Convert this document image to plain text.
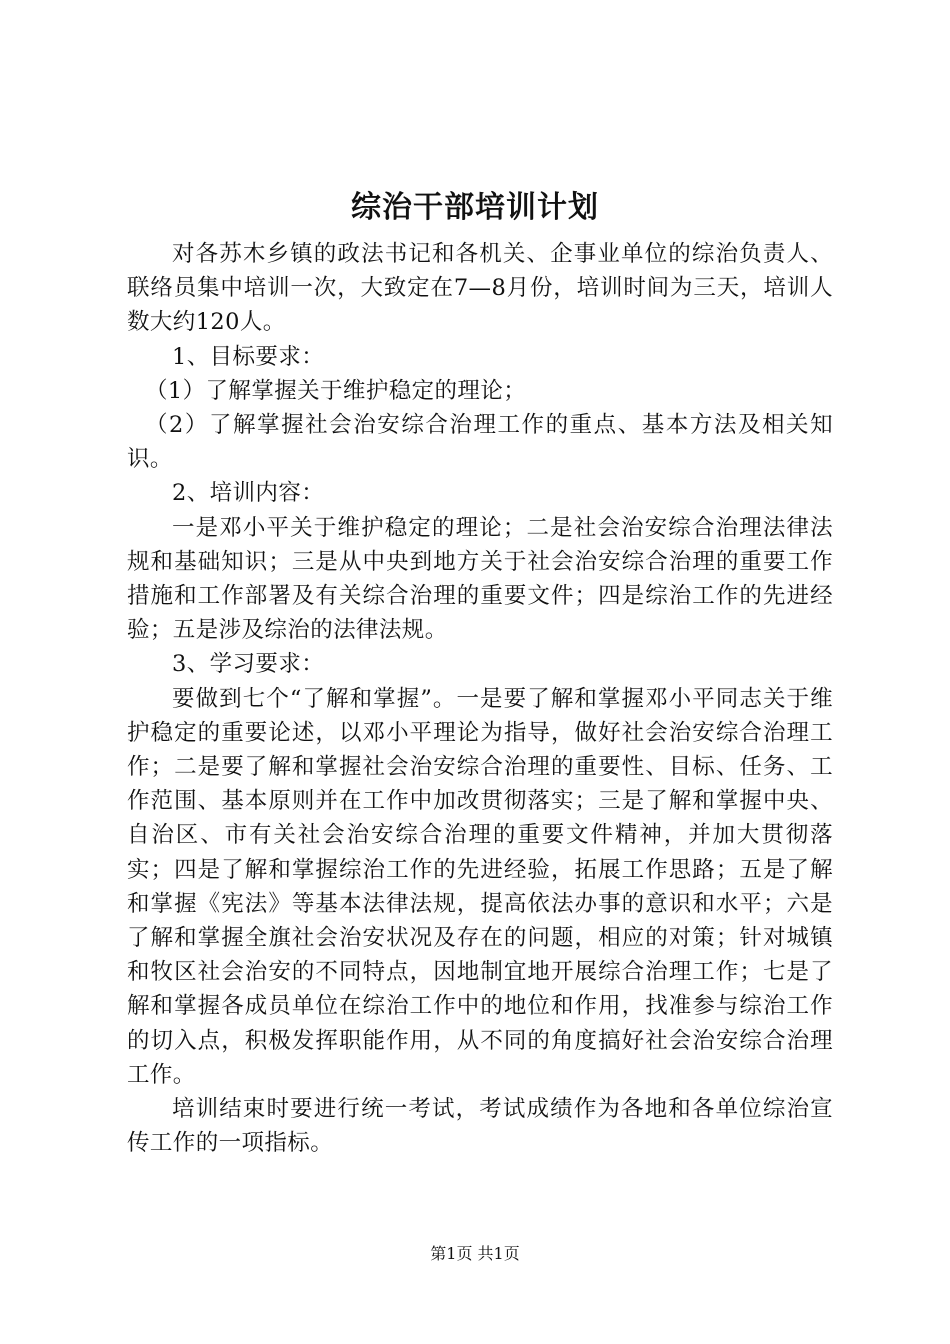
综治干部培训计划

对各苏木乡镇的政法书记和各机关、企事业单位的综治负责人、联络员集中培训一次，大致定在7—8月份，培训时间为三天，培训人数大约120人。

1、目标要求：

（1）了解掌握关于维护稳定的理论；

（2）了解掌握社会治安综合治理工作的重点、基本方法及相关知识。

2、培训内容：

一是邓小平关于维护稳定的理论；二是社会治安综合治理法律法规和基础知识；三是从中央到地方关于社会治安综合治理的重要工作措施和工作部署及有关综合治理的重要文件；四是综治工作的先进经验；五是涉及综治的法律法规。

3、学习要求：

要做到七个“了解和掌握”。一是要了解和掌握邓小平同志关于维护稳定的重要论述，以邓小平理论为指导，做好社会治安综合治理工作；二是要了解和掌握社会治安综合治理的重要性、目标、任务、工作范围、基本原则并在工作中加改贯彻落实；三是了解和掌握中央、自治区、市有关社会治安综合治理的重要文件精神，并加大贯彻落实；四是了解和掌握综治工作的先进经验，拓展工作思路；五是了解和掌握《宪法》等基本法律法规，提高依法办事的意识和水平；六是了解和掌握全旗社会治安状况及存在的问题，相应的对策；针对城镇和牧区社会治安的不同特点，因地制宜地开展综合治理工作；七是了解和掌握各成员单位在综治工作中的地位和作用，找准参与综治工作的切入点，积极发挥职能作用，从不同的角度搞好社会治安综合治理工作。

培训结束时要进行统一考试，考试成绩作为各地和各单位综治宣传工作的一项指标。

第1页 共1页
